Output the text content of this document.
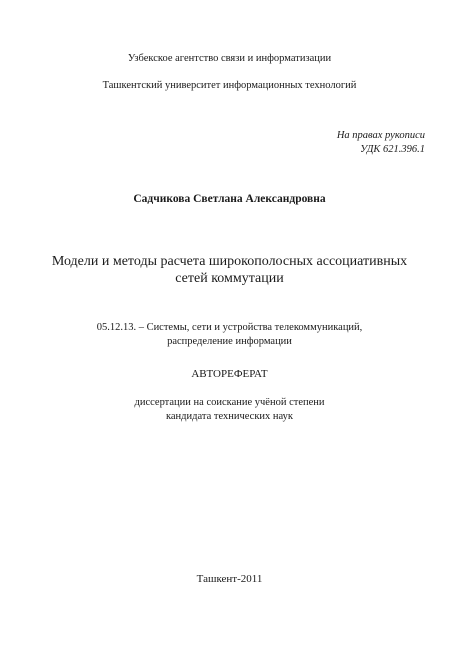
Узбекское агентство связи и информатизации
Ташкентский университет информационных технологий
На правах рукописи
УДК 621.396.1
Садчикова Светлана Александровна
Модели и методы расчета широкополосных ассоциативных
сетей коммутации
05.12.13. – Системы, сети и устройства телекоммуникаций,
распределение информации
АВТОРЕФЕРАТ
диссертации на соискание учёной степени
кандидата технических наук
Ташкент-2011
